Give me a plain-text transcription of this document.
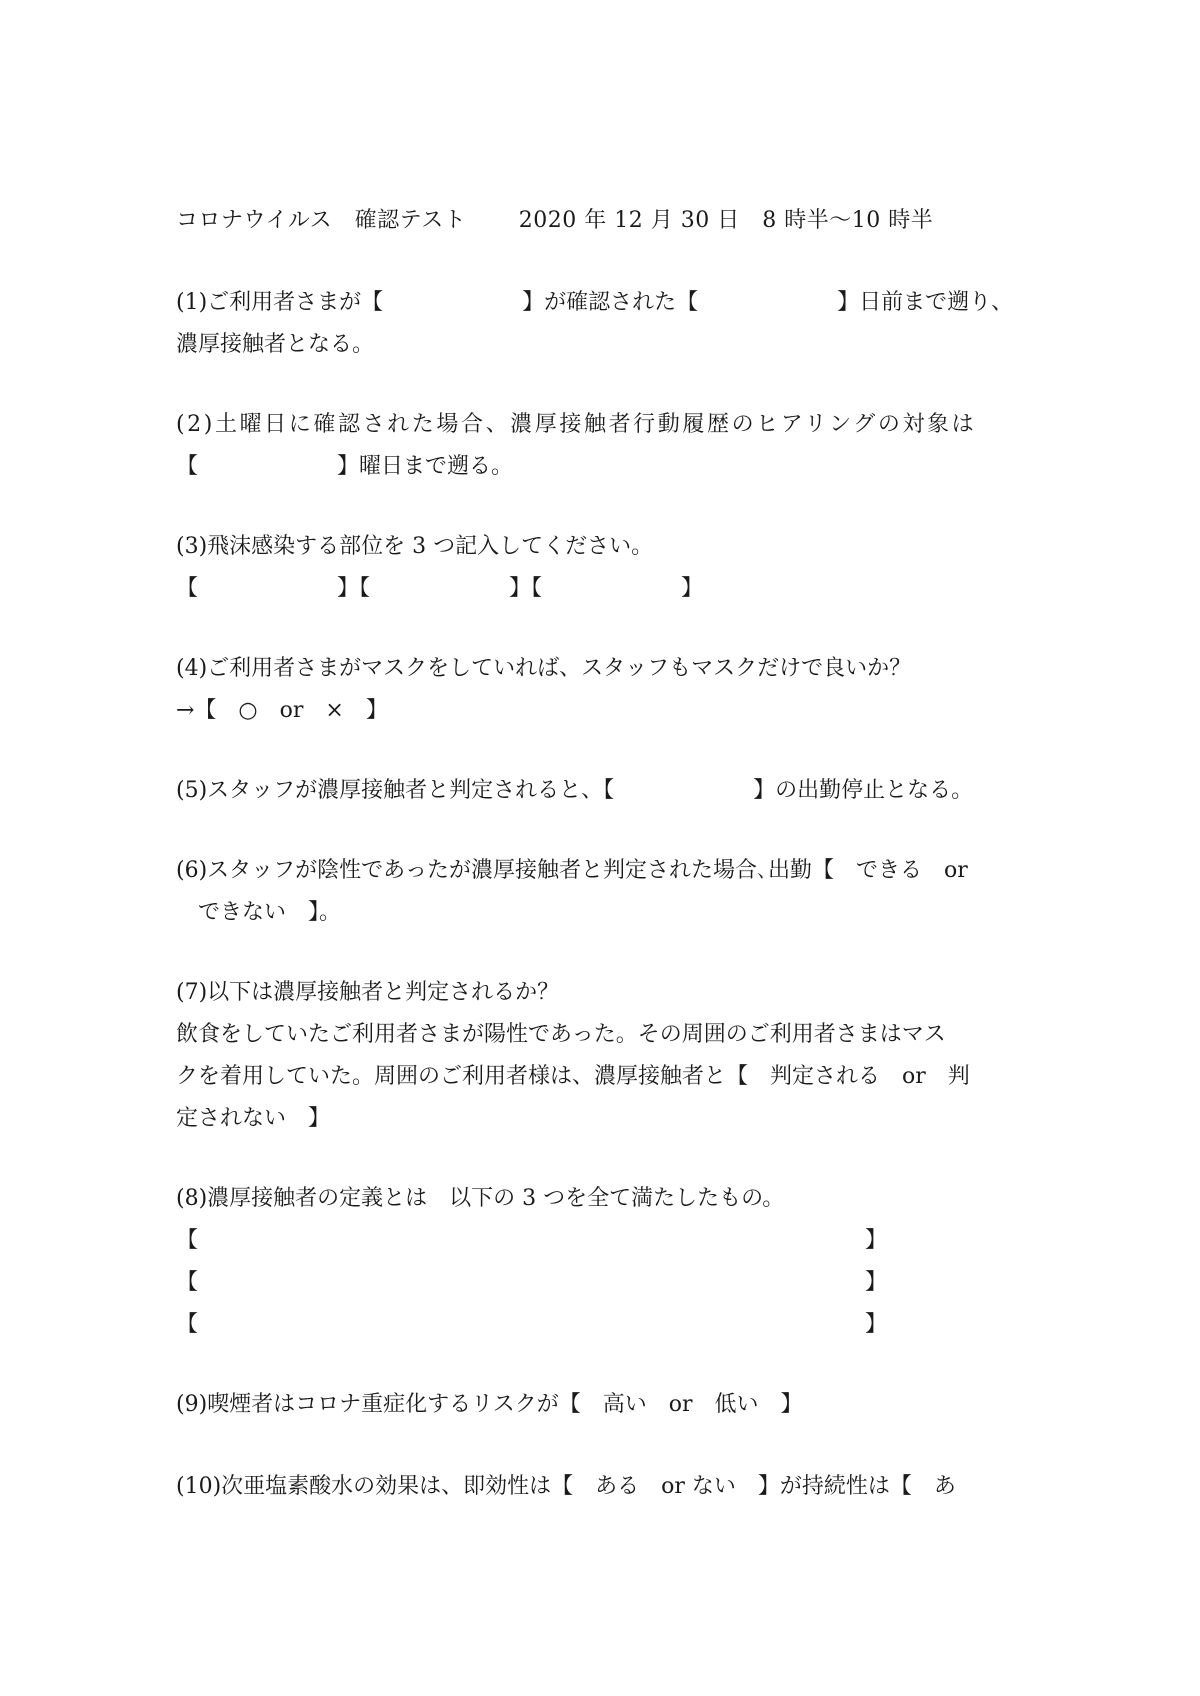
コロナウイルス　確認テスト　　 2020 年 12 月 30 日　8 時半～10 時半

(1)ご利用者さまが【　　　　　　 】が確認された【　　　　　　 】日前まで遡り、

濃厚接触者となる。

(2)土曜日に確認された場合、濃厚接触者行動履歴のヒアリングの対象は

【　　　　　　 】曜日まで遡る。

(3)飛沫感染する部位を 3 つ記入してください。

【　　　　　　 】【　　　　　　 】【　　　　　　 】

(4)ご利用者さまがマスクをしていれば、スタッフもマスクだけで良いか？

→【　○　or　×　】

(5)スタッフが濃厚接触者と判定されると、【　　　　　　 】の出勤停止となる。

(6)スタッフが陰性であったが濃厚接触者と判定された場合､出勤【　できる　or

　できない　】。

(7)以下は濃厚接触者と判定されるか？

飲食をしていたご利用者さまが陽性であった。その周囲のご利用者さまはマス

クを着用していた。周囲のご利用者様は、濃厚接触者と【　判定される　or　判

定されない　】

(8)濃厚接触者の定義とは　以下の 3 つを全て満たしたもの。

【　　　　　　　　　　　　　　　　　　　　　　　　　　　　　　 】

【　　　　　　　　　　　　　　　　　　　　　　　　　　　　　　 】

【　　　　　　　　　　　　　　　　　　　　　　　　　　　　　　 】

(9)喫煙者はコロナ重症化するリスクが【　高い　or　低い　】

(10)次亜塩素酸水の効果は、即効性は【　ある　or ない　】が持続性は【　あ
